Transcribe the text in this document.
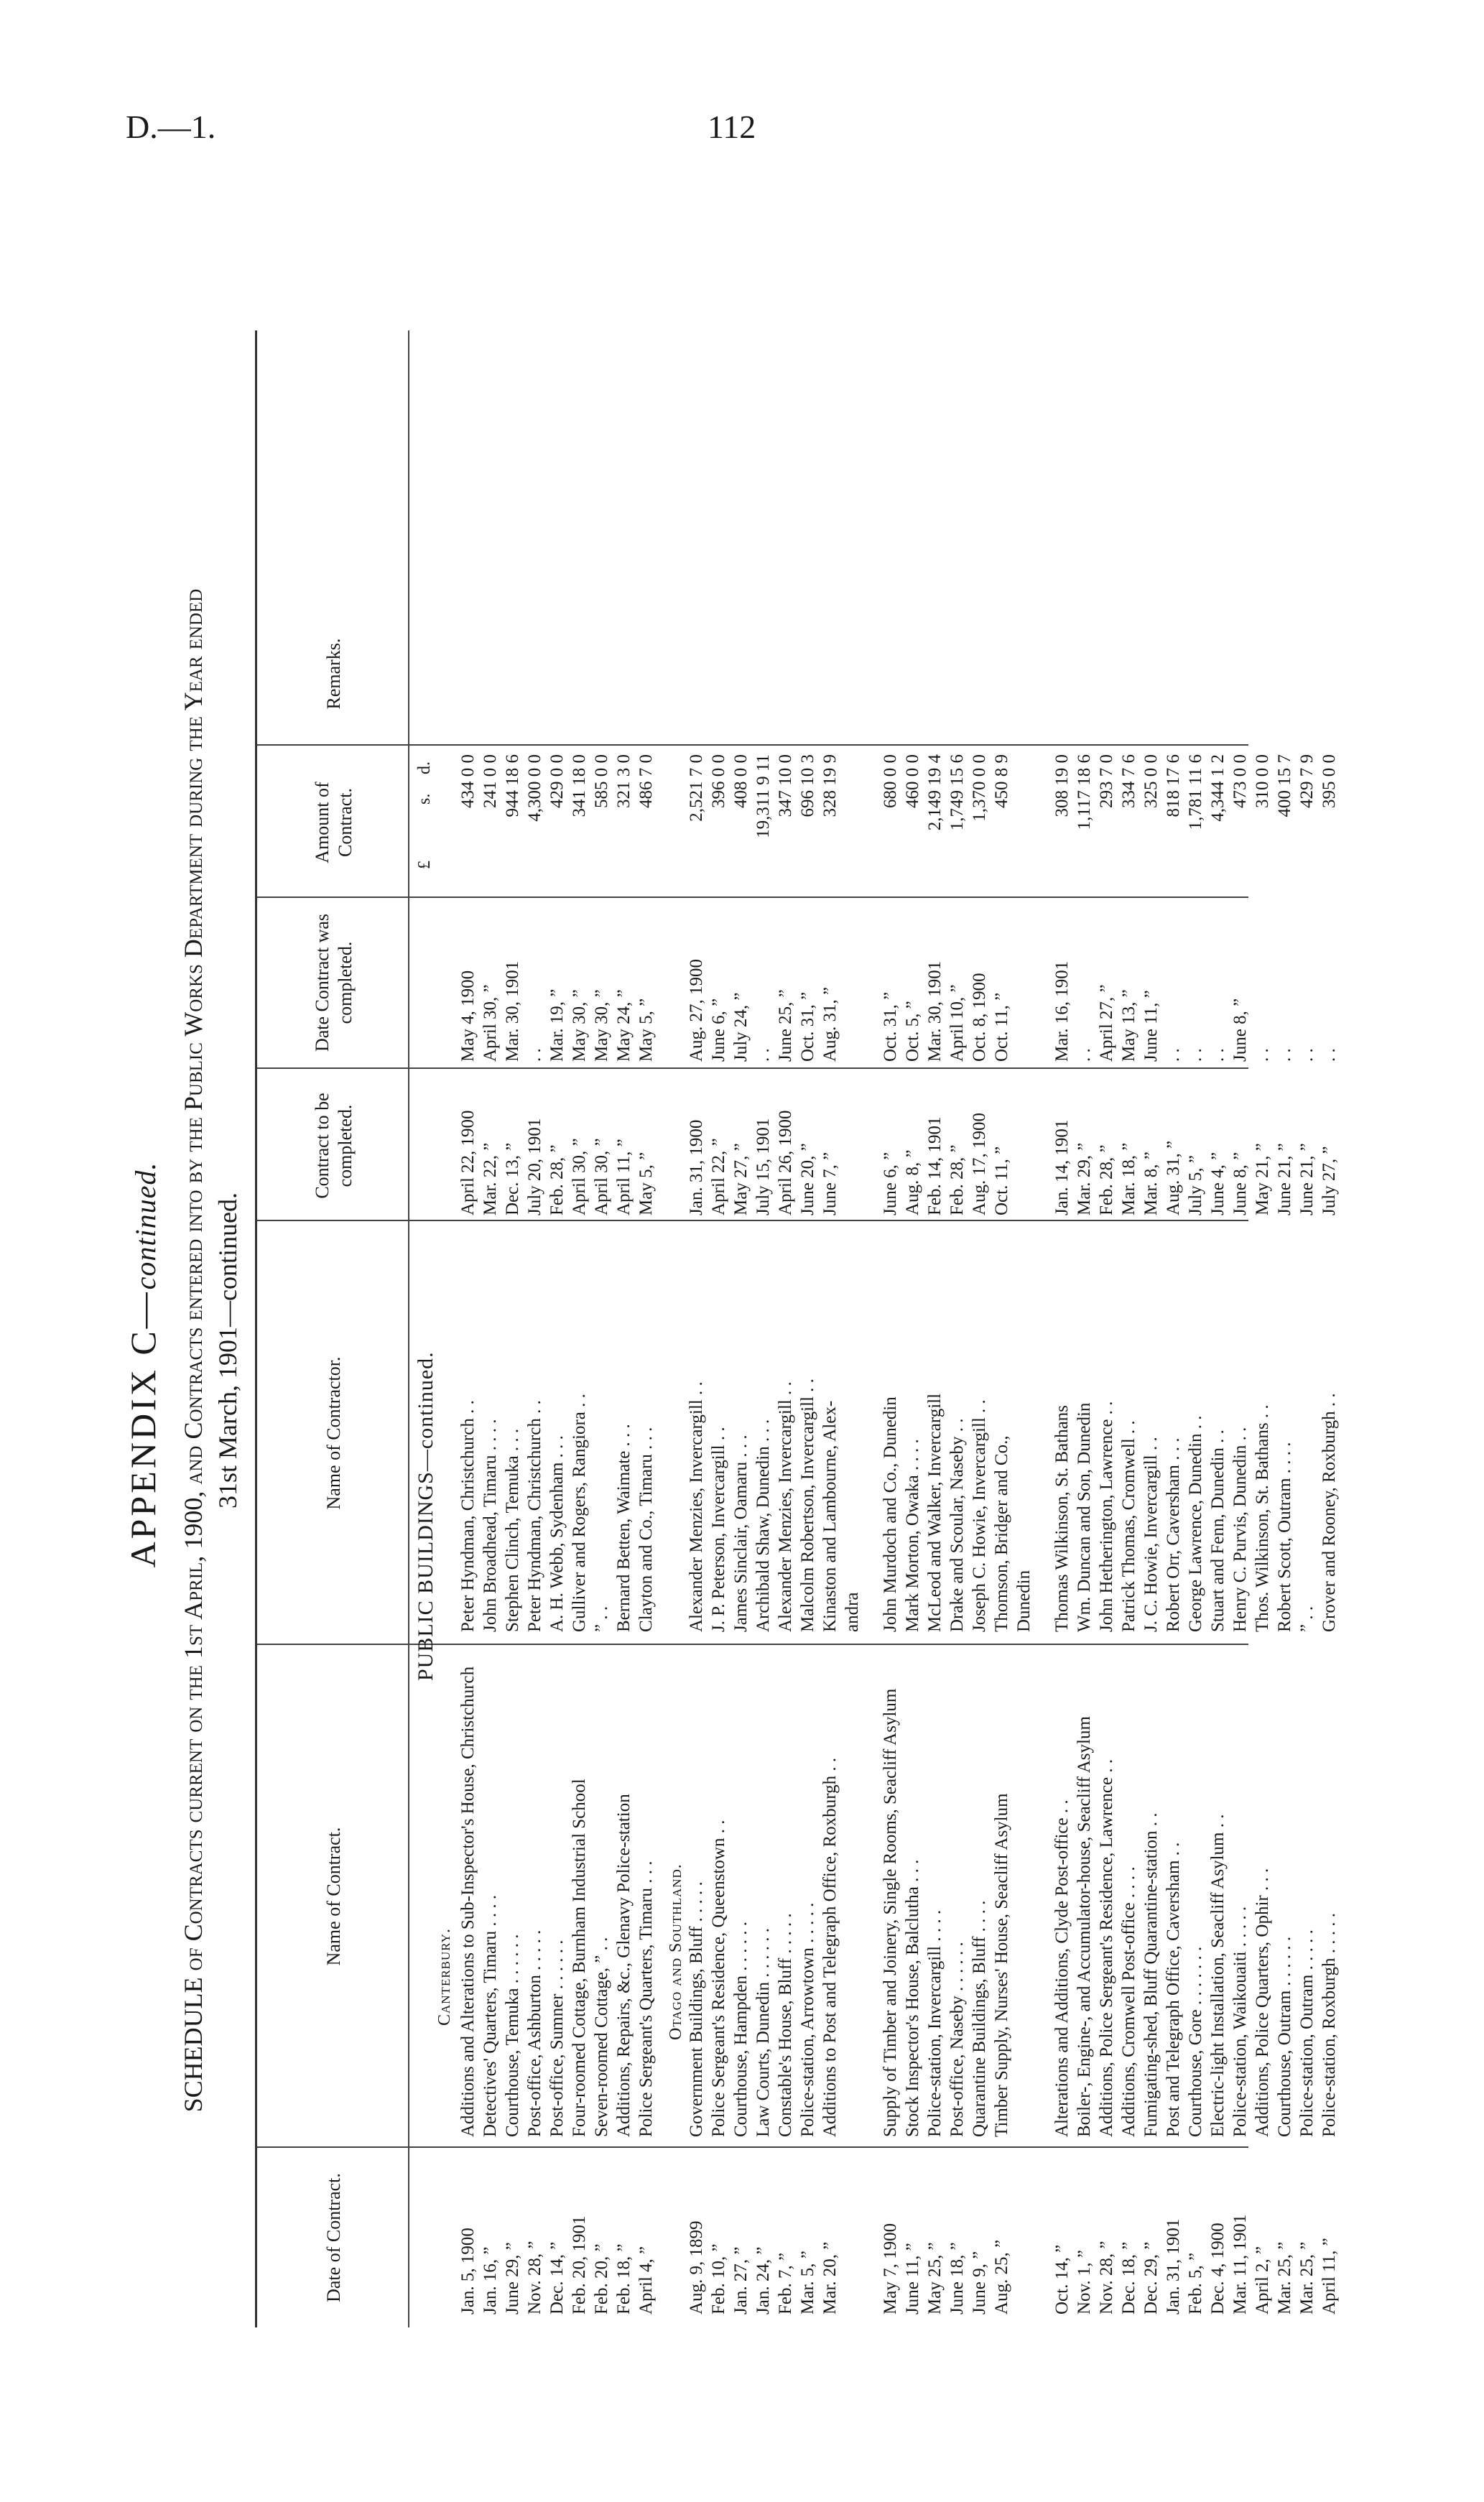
D.—1.	112
APPENDIX C—continued. SCHEDULE of Contracts current on the 1st April, 1900, and Contracts entered into by the Public Works Department during the Year ended 31st March, 1901—continued.
Date of Contract.
Name of Contract.
Name of Contractor.
Contract to be completed.
Date Contract was completed.
Amount of Contract.
Remarks.
£
s.
d.
PUBLIC BUILDINGS—continued.
Canterbury.
Jan. 5, 1900
Additions and Alterations to Sub-Inspector's House, Christchurch
Peter Hyndman, Christchurch . .
April 22, 1900
May 4, 1900
434 0 0
Jan. 16, ”
Detectives' Quarters, Timaru . . . .
John Broadhead, Timaru . . . .
Mar. 22, ”
April 30, ”
241 0 0
June 29, ”
Courthouse, Temuka . . . . . .
Stephen Clinch, Temuka . . .
Dec. 13, ”
Mar. 30, 1901
944 18 6
Nov. 28, ”
Post-office, Ashburton . . . . .
Peter Hyndman, Christchurch . .
July 20, 1901
. .
4,300 0 0
Dec. 14, ”
Post-office, Sumner . . . . . .
A. H. Webb, Sydenham . . .
Feb. 28, ”
Mar. 19, ”
429 0 0
Feb. 20, 1901
Four-roomed Cottage, Burnham Industrial School
Gulliver and Rogers, Rangiora . .
April 30, ”
May 30, ”
341 18 0
Feb. 20, ”
Seven-roomed Cottage, ” . .
” . .
April 30, ”
May 30, ”
585 0 0
Feb. 18, ”
Additions, Repairs, &c., Glenavy Police-station
Bernard Betten, Waimate . . .
April 11, ”
May 24, ”
321 3 0
April 4, ”
Police Sergeant's Quarters, Timaru . . .
Clayton and Co., Timaru . . .
May 5, ”
May 5, ”
486 7 0
Otago and Southland.
Aug. 9, 1899
Government Buildings, Bluff . . . . .
Alexander Menzies, Invercargill . .
Jan. 31, 1900
Aug. 27, 1900
2,521 7 0
Feb. 10, ”
Police Sergeant's Residence, Queenstown . .
J. P. Peterson, Invercargill . .
April 22, ”
June 6, ”
396 0 0
Jan. 27, ”
Courthouse, Hampden . . . . . .
James Sinclair, Oamaru . . .
May 27, ”
July 24, ”
408 0 0
Jan. 24, ”
Law Courts, Dunedin . . . . . .
Archibald Shaw, Dunedin . . .
July 15, 1901
. .
19,311 9 11
Feb. 7, ”
Constable's House, Bluff . . . . .
Alexander Menzies, Invercargill . .
April 26, 1900
June 25, ”
347 10 0
Mar. 5, ”
Police-station, Arrowtown . . . . .
Malcolm Robertson, Invercargill . .
June 20, ”
Oct. 31, ”
696 10 3
Mar. 20, ”
Additions to Post and Telegraph Office, Roxburgh . .
Kinaston and Lambourne, Alex-
June 7, ”
Aug. 31, ”
328 19 9
andra
May 7, 1900
Supply of Timber and Joinery, Single Rooms, Seacliff Asylum
John Murdoch and Co., Dunedin
June 6, ”
Oct. 31, ”
680 0 0
June 11, ”
Stock Inspector's House, Balclutha . . .
Mark Morton, Owaka . . . .
Aug. 8, ”
Oct. 5, ”
460 0 0
May 25, ”
Police-station, Invercargill . . . .
McLeod and Walker, Invercargill
Feb. 14, 1901
Mar. 30, 1901
2,149 19 4
June 18, ”
Post-office, Naseby . . . . . .
Drake and Scoular, Naseby . .
Feb. 28, ”
April 10, ”
1,749 15 6
June 9, ”
Quarantine Buildings, Bluff . . . .
Joseph C. Howie, Invercargill . .
Aug. 17, 1900
Oct. 8, 1900
1,370 0 0
Aug. 25, ”
Timber Supply, Nurses' House, Seacliff Asylum
Thomson, Bridger and Co.,
Oct. 11, ”
Oct. 11, ”
450 8 9
Dunedin
Oct. 14, ”
Alterations and Additions, Clyde Post-office . .
Thomas Wilkinson, St. Bathans
Jan. 14, 1901
Mar. 16, 1901
308 19 0
Nov. 1, ”
Boiler-, Engine-, and Accumulator-house, Seacliff Asylum
Wm. Duncan and Son, Dunedin
Mar. 29, ”
. .
1,117 18 6
Nov. 28, ”
Additions, Police Sergeant's Residence, Lawrence . .
John Hetherington, Lawrence . .
Feb. 28, ”
April 27, ”
293 7 0
Dec. 18, ”
Additions, Cromwell Post-office . . . .
Patrick Thomas, Cromwell . .
Mar. 18, ”
May 13, ”
334 7 6
Dec. 29, ”
Fumigating-shed, Bluff Quarantine-station . .
J. C. Howie, Invercargill . .
Mar. 8, ”
June 11, ”
325 0 0
Jan. 31, 1901
Post and Telegraph Office, Caversham . .
Robert Orr, Caversham . . .
Aug. 31, ”
. .
818 17 6
Feb. 5, ”
Courthouse, Gore . . . . . . .
George Lawrence, Dunedin . .
July 5, ”
. .
1,781 11 6
Dec. 4, 1900
Electric-light Installation, Seacliff Asylum . .
Stuart and Fenn, Dunedin . .
June 4, ”
. .
4,344 1 2
Mar. 11, 1901
Police-station, Waikouaiti . . . . .
Henry C. Purvis, Dunedin . .
June 8, ”
June 8, ”
473 0 0
April 2, ”
Additions, Police Quarters, Ophir . . .
Thos. Wilkinson, St. Bathans . .
May 21, ”
. .
310 0 0
Mar. 25, ”
Courthouse, Outram . . . . . .
Robert Scott, Outram . . . .
June 21, ”
. .
400 15 7
Mar. 25, ”
Police-station, Outram . . . . .
” . .
June 21, ”
. .
429 7 9
April 11, ”
Police-station, Roxburgh . . . . .
Grover and Rooney, Roxburgh . .
July 27, ”
. .
395 0 0
